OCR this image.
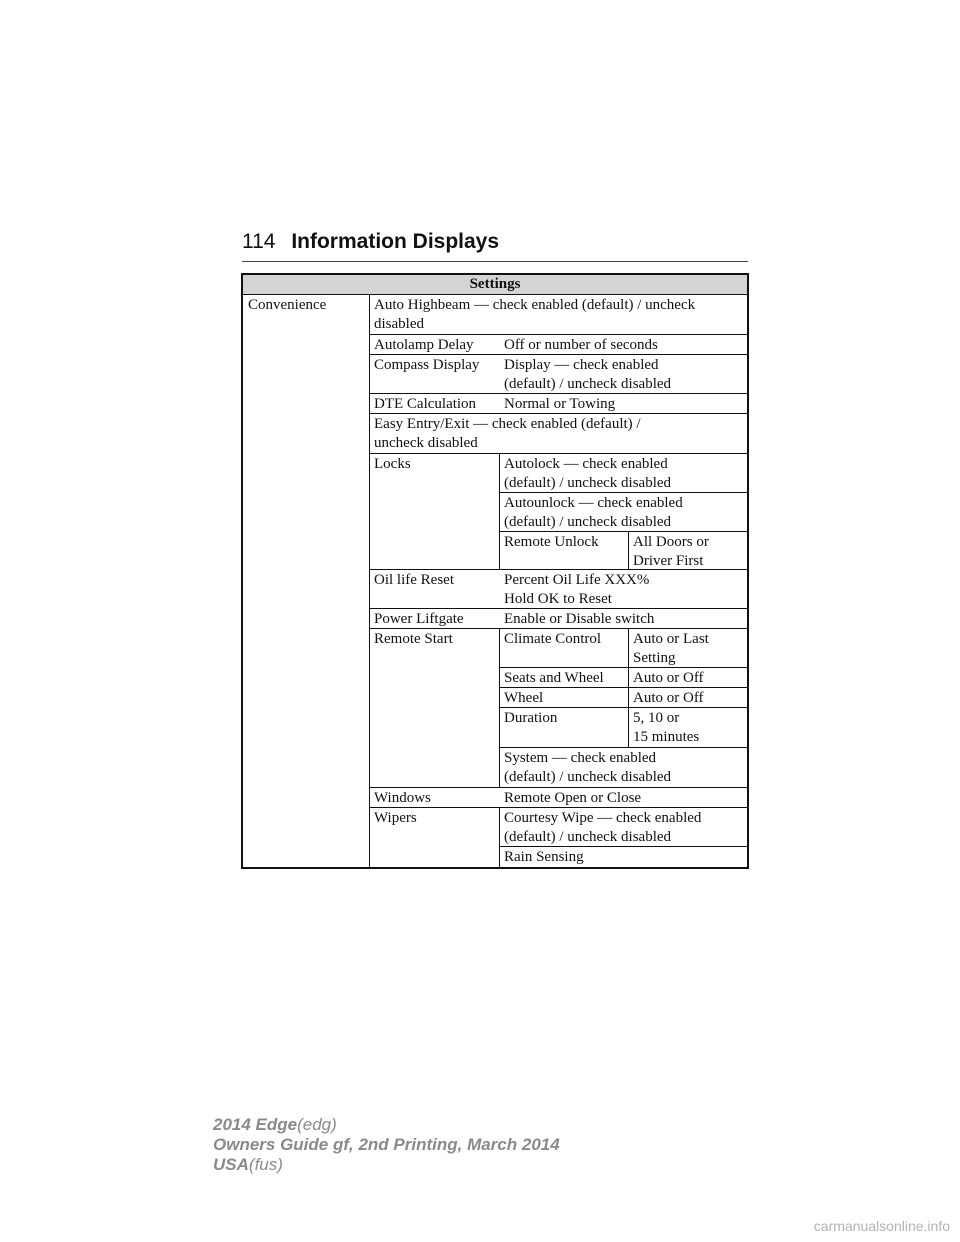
114 Information Displays
Settings
Convenience	Auto Highbeam — check enabled (default) / uncheck
disabled
Autolamp Delay	Off or number of seconds
Compass Display	Display — check enabled
(default) / uncheck disabled
DTE Calculation	Normal or Towing
Easy Entry/Exit — check enabled (default) /
uncheck disabled
Locks	Autolock — check enabled
(default) / uncheck disabled
Autounlock — check enabled
(default) / uncheck disabled
Remote Unlock	All Doors or
Driver First
Oil life Reset	Percent Oil Life XXX%
Hold OK to Reset
Power Liftgate	Enable or Disable switch
Remote Start	Climate Control	Auto or Last
Setting
Seats and Wheel	Auto or Off
Wheel	Auto or Off
Duration	5, 10 or
15 minutes
System — check enabled
(default) / uncheck disabled
Windows	Remote Open or Close
Wipers	Courtesy Wipe — check enabled
(default) / uncheck disabled
Rain Sensing
2014 Edge(edg)
Owners Guide gf, 2nd Printing, March 2014
USA(fus)
carmanualsonline.info
